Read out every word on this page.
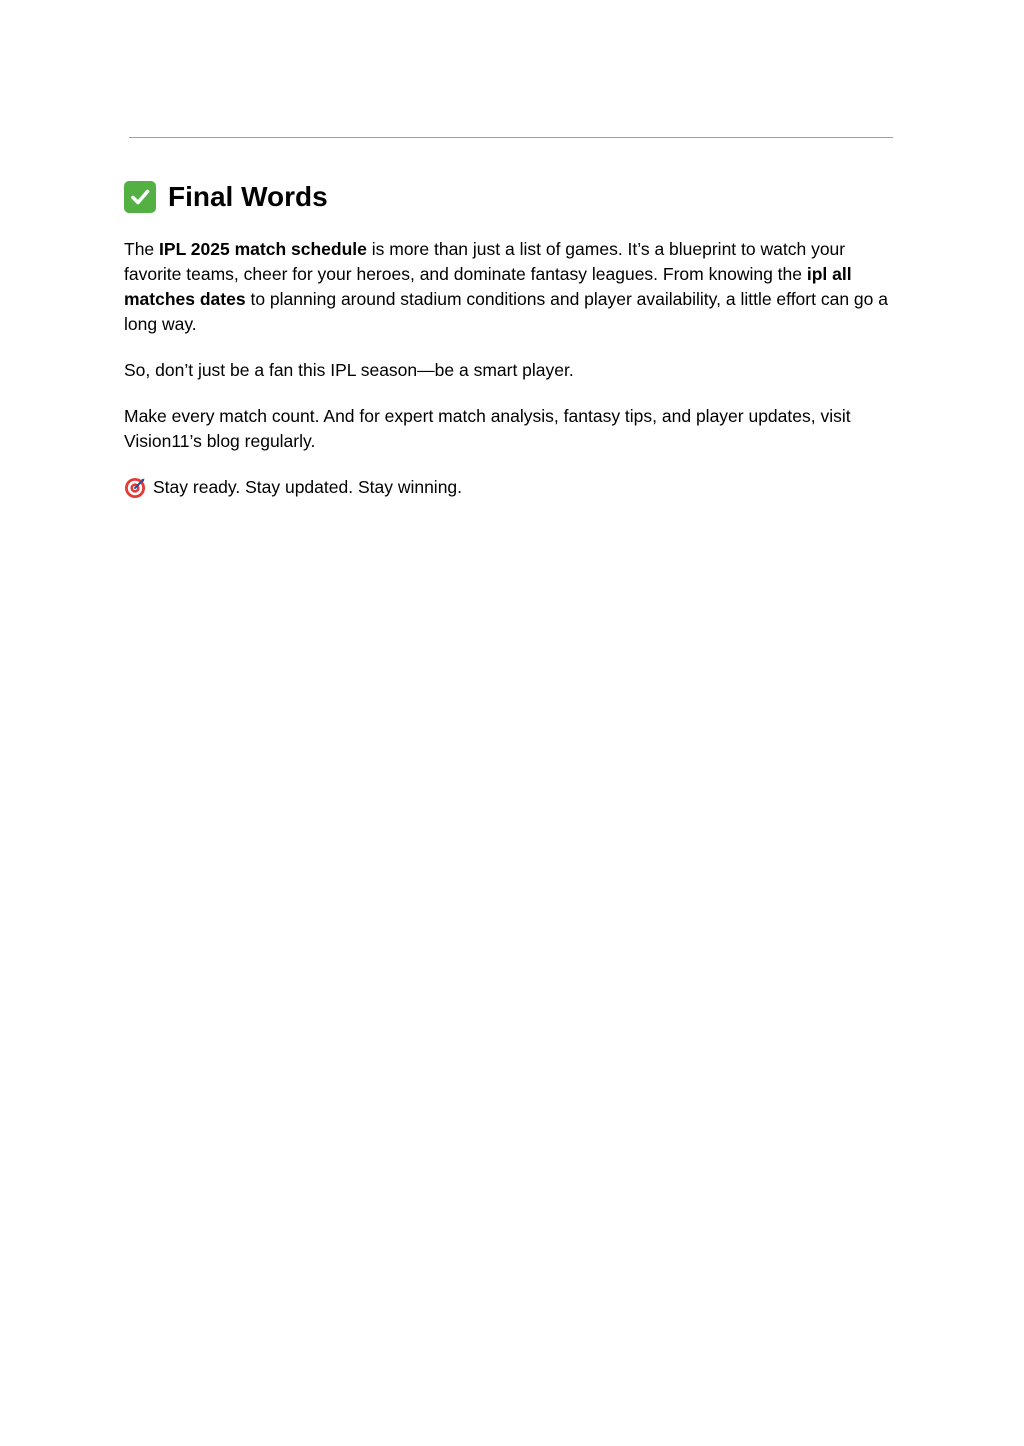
Final Words

The IPL 2025 match schedule is more than just a list of games. It’s a blueprint to watch your favorite teams, cheer for your heroes, and dominate fantasy leagues. From knowing the ipl all matches dates to planning around stadium conditions and player availability, a little effort can go a long way.

So, don’t just be a fan this IPL season—be a smart player.

Make every match count. And for expert match analysis, fantasy tips, and player updates, visit Vision11’s blog regularly.

Stay ready. Stay updated. Stay winning.
